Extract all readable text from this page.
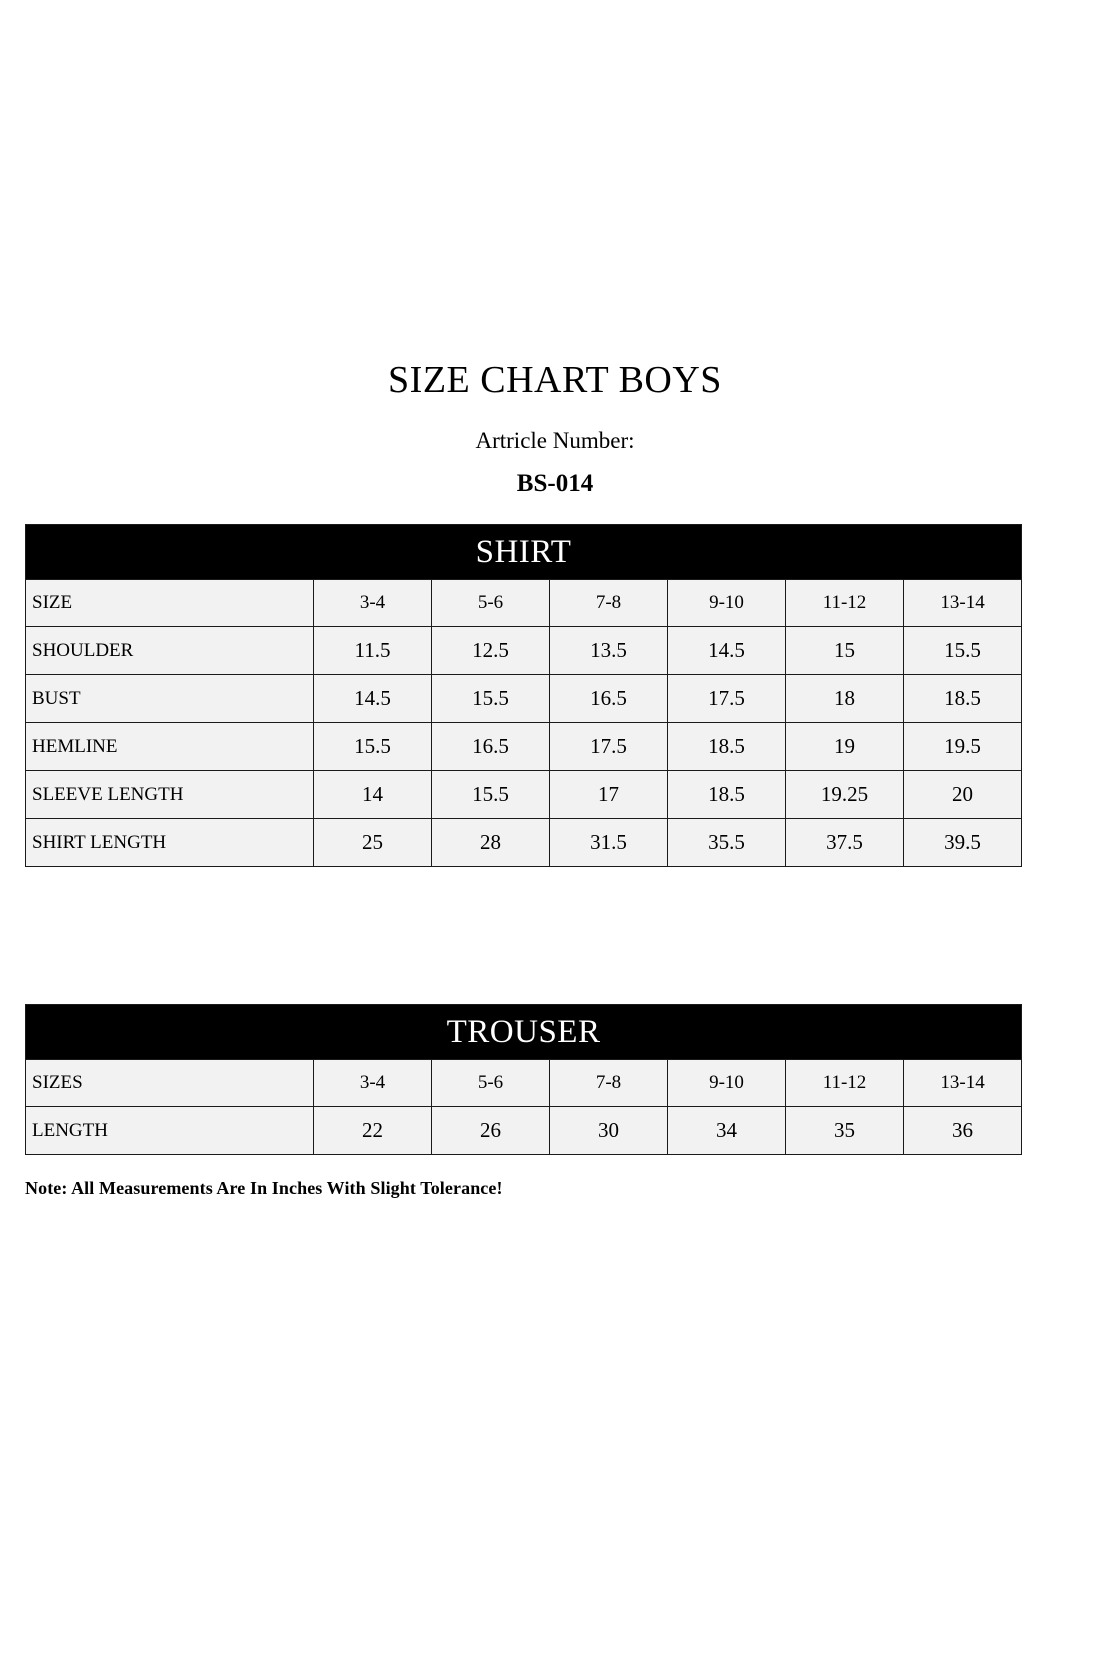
SIZE CHART BOYS
Artricle Number:
BS-014
SHIRT						
SIZE	3-4	5-6	7-8	9-10	11-12	13-14
SHOULDER	11.5	12.5	13.5	14.5	15	15.5
BUST	14.5	15.5	16.5	17.5	18	18.5
HEMLINE	15.5	16.5	17.5	18.5	19	19.5
SLEEVE LENGTH	14	15.5	17	18.5	19.25	20
SHIRT LENGTH	25	28	31.5	35.5	37.5	39.5
TROUSER						
SIZES	3-4	5-6	7-8	9-10	11-12	13-14
LENGTH	22	26	30	34	35	36
Note: All Measurements Are In Inches With Slight Tolerance!
